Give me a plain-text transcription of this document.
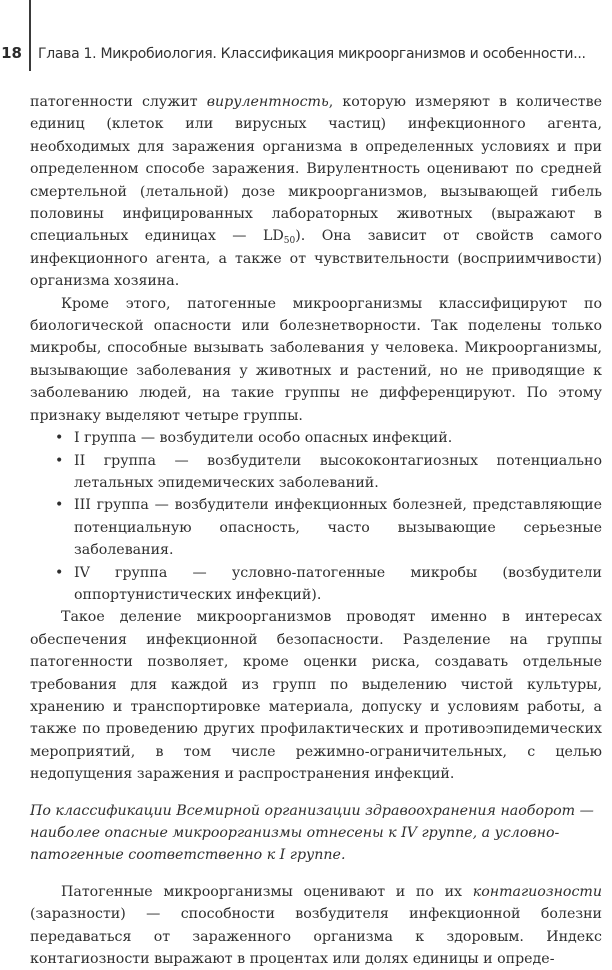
18 Глава 1. Микробиология. Классификация микроорганизмов и особенности...

патогенности служит вирулентность, которую измеряют в количестве единиц (клеток или вирусных частиц) инфекционного агента, необходимых для заражения организма в определенных условиях и при определенном способе заражения. Вирулентность оценивают по средней смертельной (летальной) дозе микроорганизмов, вызывающей гибель половины инфицированных лабораторных животных (выражают в специальных единицах — $LD_{50}$). Она зависит от свойств самого инфекционного агента, а также от чувствительности (восприимчивости) организма хозяина.

Кроме этого, патогенные микроорганизмы классифицируют по биологической опасности или болезнетворности. Так поделены только микробы, способные вызывать заболевания у человека. Микроорганизмы, вызывающие заболевания у животных и растений, но не приводящие к заболеванию людей, на такие группы не дифференцируют. По этому признаку выделяют четыре группы.

• I группа — возбудители особо опасных инфекций.
• II группа — возбудители высококонтагиозных потенциально летальных эпидемических заболеваний.
• III группа — возбудители инфекционных болезней, представляющие потенциальную опасность, часто вызывающие серьезные заболевания.
• IV группа — условно-патогенные микробы (возбудители оппортунистических инфекций).

Такое деление микроорганизмов проводят именно в интересах обеспечения инфекционной безопасности. Разделение на группы патогенности позволяет, кроме оценки риска, создавать отдельные требования для каждой из групп по выделению чистой культуры, хранению и транспортировке материала, допуску и условиям работы, а также по проведению других профилактических и противоэпидемических мероприятий, в том числе режимно-ограничительных, с целью недопущения заражения и распространения инфекций.

По классификации Всемирной организации здравоохранения наоборот — наиболее опасные микроорганизмы отнесены к IV группе, а условно-патогенные соответственно к I группе.

Патогенные микроорганизмы оценивают и по их контагиозности (заразности) — способности возбудителя инфекционной болезни передаваться от зараженного организма к здоровым. Индекс контагиозности выражают в процентах или долях единицы и опреде-
